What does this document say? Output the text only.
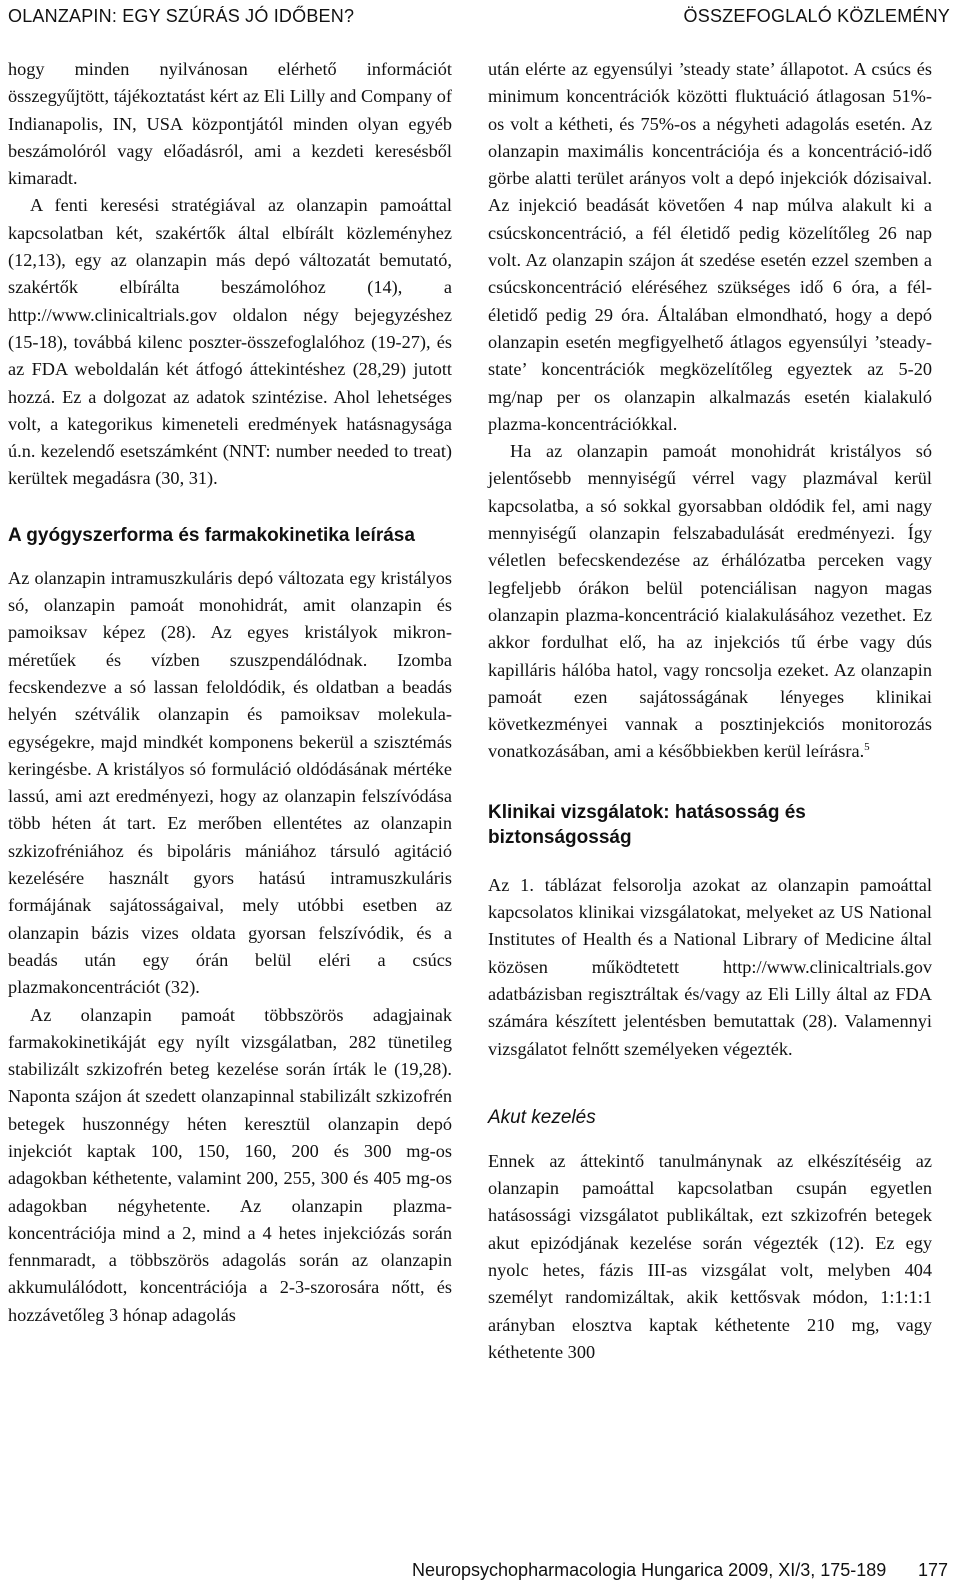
OLANZAPIN: EGY SZÚRÁS JÓ IDŐBEN?	ÖSSZEFOGLALÓ KÖZLEMÉNY

hogy minden nyilvánosan elérhető információt összegyűjtött, tájékoztatást kért az Eli Lilly and Company of Indianapolis, IN, USA központjától minden olyan egyéb beszámolóról vagy előadásról, ami a kezdeti keresésből kimaradt.

A fenti keresési stratégiával az olanzapin pamoáttal kapcsolatban két, szakértők által elbírált közleményhez (12,13), egy az olanzapin más depó változatát bemutató, szakértők elbírálta beszámolóhoz (14), a http://www.clinicaltrials.gov oldalon négy bejegyzéshez (15-18), továbbá kilenc poszter-összefoglalóhoz (19-27), és az FDA weboldalán két átfogó áttekintéshez (28,29) jutott hozzá. Ez a dolgozat az adatok szintézise. Ahol lehetséges volt, a kategorikus kimeneteli eredmények hatásnagysága ú.n. kezelendő esetszámként (NNT: number needed to treat) kerültek megadásra (30, 31).

A gyógyszerforma és farmakokinetika leírása

Az olanzapin intramuszkuláris depó változata egy kristályos só, olanzapin pamoát monohidrát, amit olanzapin és pamoiksav képez (28). Az egyes kristályok mikron-méretűek és vízben szuszpendálódnak. Izomba fecskendezve a só lassan feloldódik, és oldatban a beadás helyén szétválik olanzapin és pamoiksav molekula-egységekre, majd mindkét komponens bekerül a szisztémás keringésbe. A kristályos só formuláció oldódásának mértéke lassú, ami azt eredményezi, hogy az olanzapin felszívódása több héten át tart. Ez merőben ellentétes az olanzapin szkizofréniához és bipoláris mániához társuló agitáció kezelésére használt gyors hatású intramuszkuláris formájának sajátosságaival, mely utóbbi esetben az olanzapin bázis vizes oldata gyorsan felszívódik, és a beadás után egy órán belül eléri a csúcs plazmakoncentrációt (32).

Az olanzapin pamoát többszörös adagjainak farmakokinetikáját egy nyílt vizsgálatban, 282 tünetileg stabilizált szkizofrén beteg kezelése során írták le (19,28). Naponta szájon át szedett olanzapinnal stabilizált szkizofrén betegek huszonnégy héten keresztül olanzapin depó injekciót kaptak 100, 150, 160, 200 és 300 mg-os adagokban kéthetente, valamint 200, 255, 300 és 405 mg-os adagokban négyhetente. Az olanzapin plazma-koncentrációja mind a 2, mind a 4 hetes injekciózás során fennmaradt, a többszörös adagolás során az olanzapin akkumulálódott, koncentrációja a 2-3-szorosára nőtt, és hozzávetőleg 3 hónap adagolás

után elérte az egyensúlyi ’steady state’ állapotot. A csúcs és minimum koncentrációk közötti fluktuáció átlagosan 51%-os volt a kétheti, és 75%-os a négyheti adagolás esetén. Az olanzapin maximális koncentrációja és a koncentráció-idő görbe alatti terület arányos volt a depó injekciók dózisaival. Az injekció beadását követően 4 nap múlva alakult ki a csúcskoncentráció, a fél életidő pedig közelítőleg 26 nap volt. Az olanzapin szájon át szedése esetén ezzel szemben a csúcskoncentráció eléréséhez szükséges idő 6 óra, a fél-életidő pedig 29 óra. Általában elmondható, hogy a depó olanzapin esetén megfigyelhető átlagos egyensúlyi ’steady-state’ koncentrációk megközelítőleg egyeztek az 5-20 mg/nap per os olanzapin alkalmazás esetén kialakuló plazma-koncentrációkkal.

Ha az olanzapin pamoát monohidrát kristályos só jelentősebb mennyiségű vérrel vagy plazmával kerül kapcsolatba, a só sokkal gyorsabban oldódik fel, ami nagy mennyiségű olanzapin felszabadulását eredményezi. Így véletlen befecskendezése az érhálózatba perceken vagy legfeljebb órákon belül potenciálisan nagyon magas olanzapin plazma-koncentráció kialakulásához vezethet. Ez akkor fordulhat elő, ha az injekciós tű érbe vagy dús kapilláris hálóba hatol, vagy roncsolja ezeket. Az olanzapin pamoát ezen sajátosságának lényeges klinikai következményei vannak a posztinjekciós monitorozás vonatkozásában, ami a későbbiekben kerül leírásra.$^5$

Klinikai vizsgálatok: hatásosság és biztonságosság

Az 1. táblázat felsorolja azokat az olanzapin pamoáttal kapcsolatos klinikai vizsgálatokat, melyeket az US National Institutes of Health és a National Library of Medicine által közösen működtetett http://www.clinicaltrials.gov adatbázisban regisztráltak és/vagy az Eli Lilly által az FDA számára készített jelentésben bemutattak (28). Valamennyi vizsgálatot felnőtt személyeken végezték.

Akut kezelés

Ennek az áttekintő tanulmánynak az elkészítéséig az olanzapin pamoáttal kapcsolatban csupán egyetlen hatásossági vizsgálatot publikáltak, ezt szkizofrén betegek akut epizódjának kezelése során végezték (12). Ez egy nyolc hetes, fázis III-as vizsgálat volt, melyben 404 személyt randomizáltak, akik kettősvak módon, 1:1:1:1 arányban elosztva kaptak kéthetente 210 mg, vagy kéthetente 300

Neuropsychopharmacologia Hungarica 2009, XI/3, 175-189 177
